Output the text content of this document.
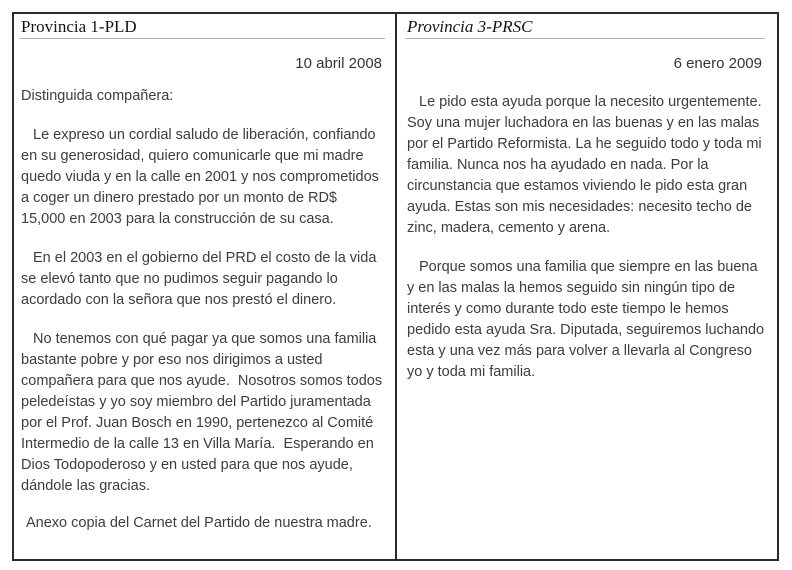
Provincia 1-PLD
10 abril 2008
Distinguida compañera:

Le expreso un cordial saludo de liberación, confiando en su generosidad, quiero comunicarle que mi madre quedo viuda y en la calle en 2001 y nos comprometidos a coger un dinero prestado por un monto de RD$ 15,000 en 2003 para la construcción de su casa.

En el 2003 en el gobierno del PRD el costo de la vida se elevó tanto que no pudimos seguir pagando lo acordado con la señora que nos prestó el dinero.

No tenemos con qué pagar ya que somos una familia bastante pobre y por eso nos dirigimos a usted compañera para que nos ayude.  Nosotros somos todos peledeístas y yo soy miembro del Partido juramentada por el Prof. Juan Bosch en 1990, pertenezco al Comité Intermedio de la calle 13 en Villa María.  Esperando en Dios Todopoderoso y en usted para que nos ayude, dándole las gracias.

Anexo copia del Carnet del Partido de nuestra madre.

Provincia 3-PRSC
6 enero 2009

Le pido esta ayuda porque la necesito urgentemente.  Soy una mujer luchadora en las buenas y en las malas por el Partido Reformista. La he seguido todo y toda mi familia. Nunca nos ha ayudado en nada. Por la circunstancia que estamos viviendo le pido esta gran ayuda. Estas son mis necesidades: necesito techo de zinc, madera, cemento y arena.

Porque somos una familia que siempre en las buena y en las malas la hemos seguido sin ningún tipo de interés y como durante todo este tiempo le hemos pedido esta ayuda Sra. Diputada, seguiremos luchando esta y una vez más para volver a llevarla al Congreso yo y toda mi familia.
